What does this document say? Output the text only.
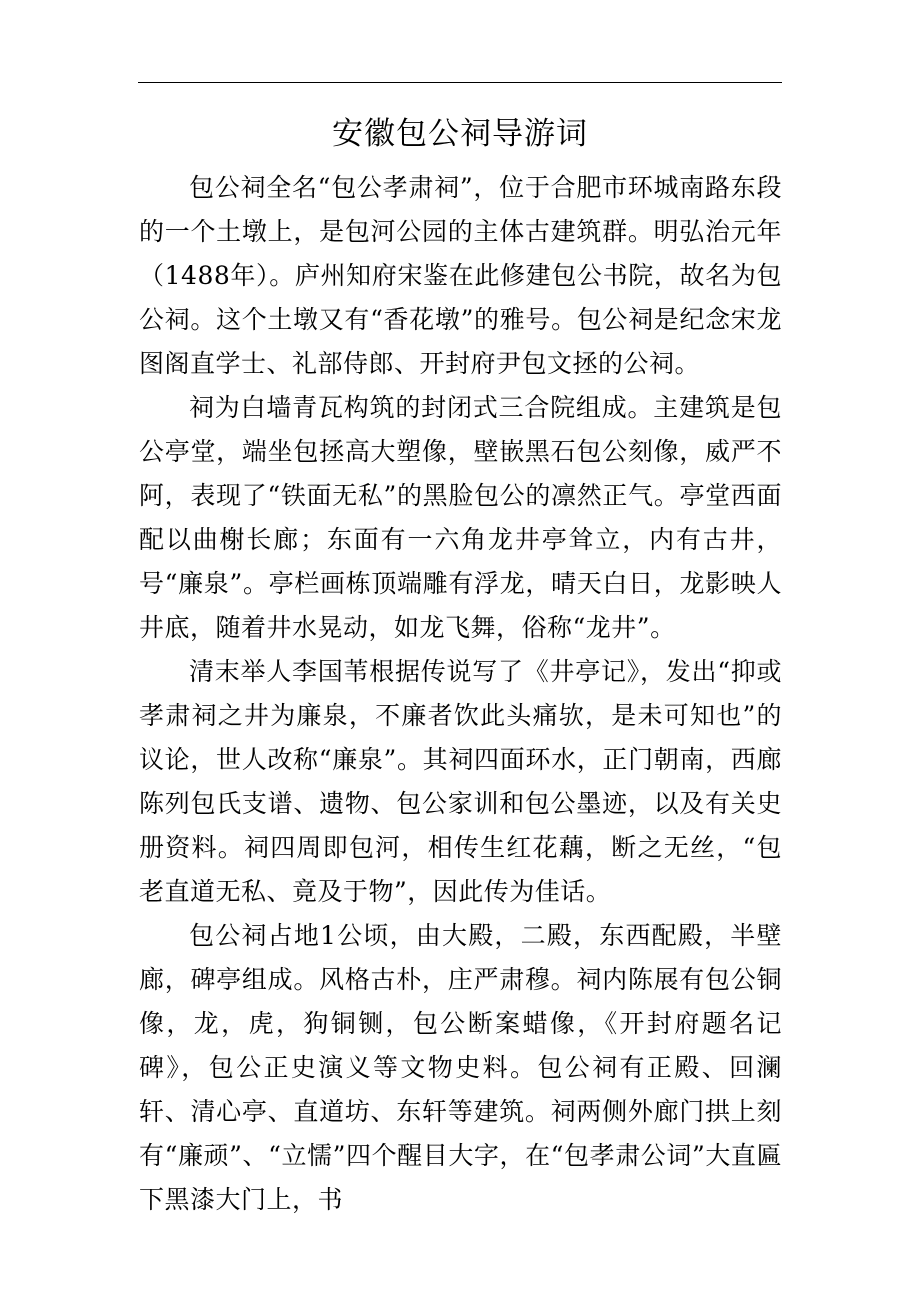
安徽包公祠导游词

包公祠全名“包公孝肃祠”，位于合肥市环城南路东段的一个土墩上，是包河公园的主体古建筑群。明弘治元年（1488年）。庐州知府宋鉴在此修建包公书院，故名为包公祠。这个土墩又有“香花墩”的雅号。包公祠是纪念宋龙图阁直学士、礼部侍郎、开封府尹包文拯的公祠。

祠为白墙青瓦构筑的封闭式三合院组成。主建筑是包公亭堂，端坐包拯高大塑像，壁嵌黑石包公刻像，威严不阿，表现了“铁面无私”的黑脸包公的凛然正气。亭堂西面配以曲榭长廊；东面有一六角龙井亭耸立，内有古井，号“廉泉”。亭栏画栋顶端雕有浮龙，晴天白日，龙影映人井底，随着井水晃动，如龙飞舞，俗称“龙井”。

清末举人李国苇根据传说写了《井亭记》，发出“抑或孝肃祠之井为廉泉，不廉者饮此头痛欤，是未可知也”的议论，世人改称“廉泉”。其祠四面环水，正门朝南，西廊陈列包氏支谱、遗物、包公家训和包公墨迹，以及有关史册资料。祠四周即包河，相传生红花藕，断之无丝，“包老直道无私、竟及于物”，因此传为佳话。

包公祠占地1公顷，由大殿，二殿，东西配殿，半壁廊，碑亭组成。风格古朴，庄严肃穆。祠内陈展有包公铜像，龙，虎，狗铜铡，包公断案蜡像，《开封府题名记碑》，包公正史演义等文物史料。包公祠有正殿、回澜轩、清心亭、直道坊、东轩等建筑。祠两侧外廊门拱上刻有“廉顽”、“立懦”四个醒目大字，在“包孝肃公词”大直匾下黑漆大门上，书
